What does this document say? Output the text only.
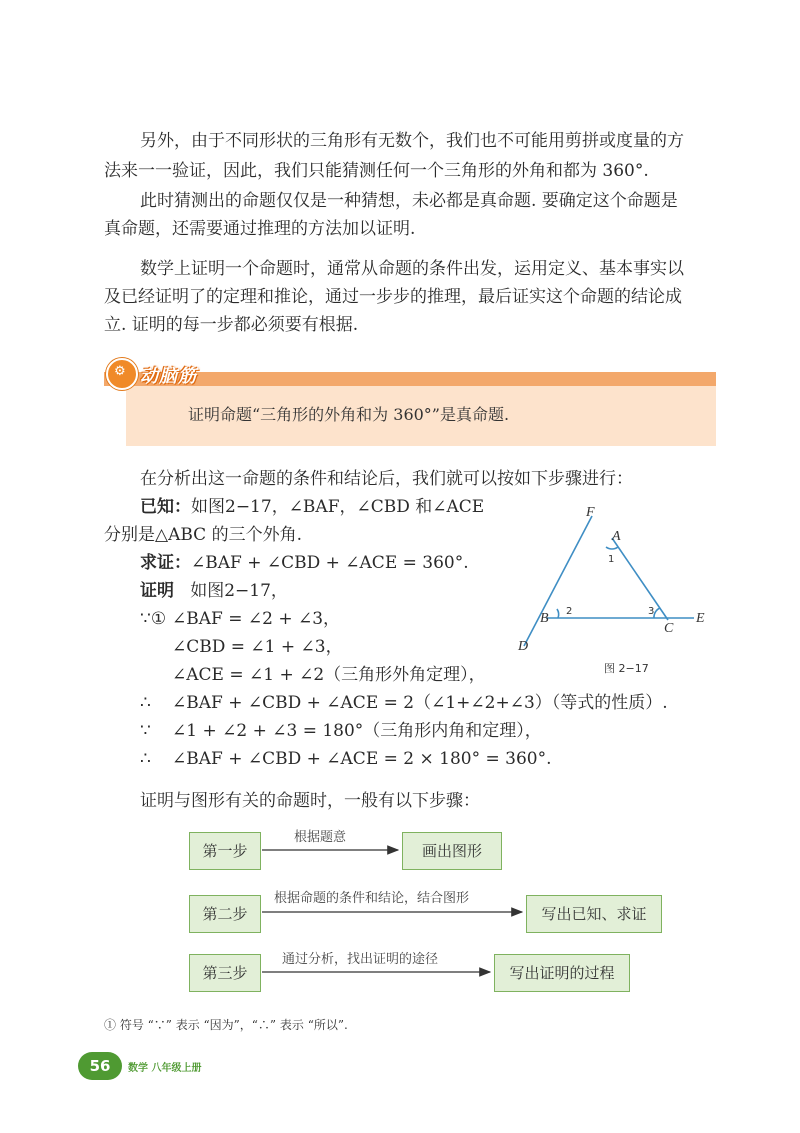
另外，由于不同形状的三角形有无数个，我们也不可能用剪拼或度量的方

法来一一验证，因此，我们只能猜测任何一个三角形的外角和都为 360°.

此时猜测出的命题仅仅是一种猜想，未必都是真命题. 要确定这个命题是

真命题，还需要通过推理的方法加以证明.

数学上证明一个命题时，通常从命题的条件出发，运用定义、基本事实以

及已经证明了的定理和推论，通过一步步的推理，最后证实这个命题的结论成

立. 证明的每一步都必须要有根据.

⚙ 动脑筋
证明命题“三角形的外角和为 360°”是真命题.

在分析出这一命题的条件和结论后，我们就可以按如下步骤进行：

已知：如图2−17，∠BAF，∠CBD 和∠ACE

分别是△ABC 的三个外角.

求证：∠BAF + ∠CBD + ∠ACE = 360°.

证明 如图2−17，

∵① ∠BAF = ∠2 + ∠3，

∠CBD = ∠1 + ∠3，

∠ACE = ∠1 + ∠2（三角形外角定理），

∴ ∠BAF + ∠CBD + ∠ACE = 2（∠1+∠2+∠3）（等式的性质）.

∵ ∠1 + ∠2 + ∠3 = 180°（三角形内角和定理），

∴ ∠BAF + ∠CBD + ∠ACE = 2 × 180° = 360°.

F
A
B
C
D
E
1
2	3
图 2−17

证明与图形有关的命题时，一般有以下步骤：

第一步
根据题意
画出图形
第二步
根据命题的条件和结论，结合图形
写出已知、求证
第三步
通过分析，找出证明的途径
写出证明的过程
① 符号 “∵” 表示 “因为”，“∴” 表示 “所以”.
56	数学 八年级上册
